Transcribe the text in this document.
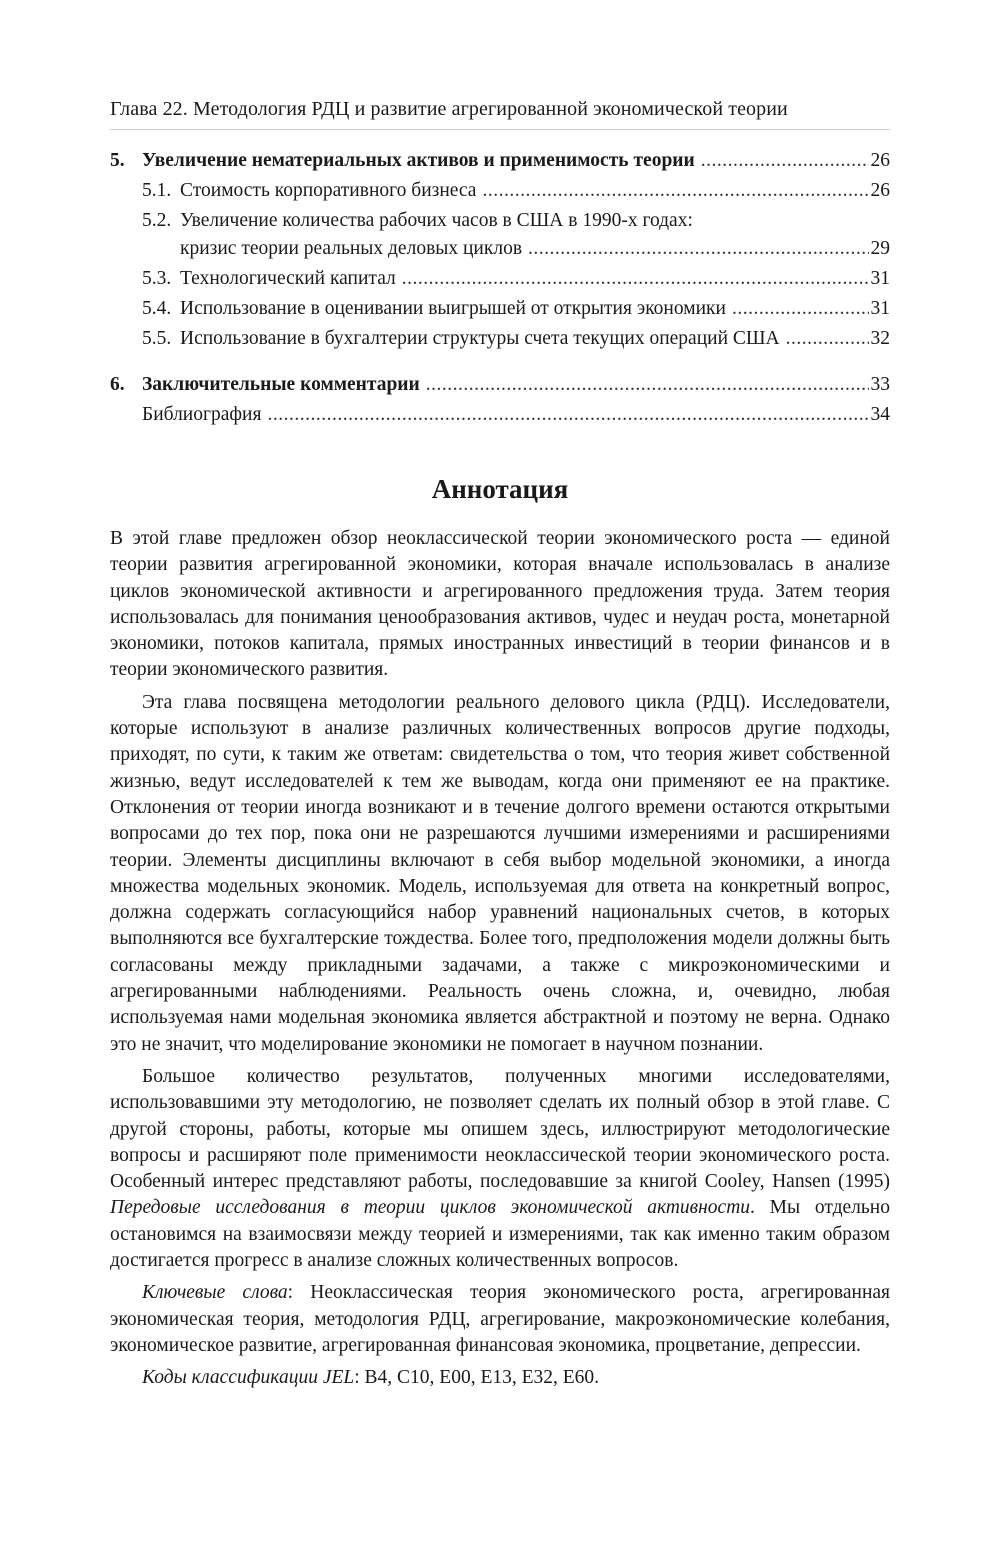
Глава 22. Методология РДЦ и развитие агрегированной экономической теории
5. Увеличение нематериальных активов и применимость теории .....	26
5.1. Стоимость корпоративного бизнеса .....	26
5.2. Увеличение количества рабочих часов в США в 1990-х годах:
кризис теории реальных деловых циклов .....	29
5.3. Технологический капитал .....	31
5.4. Использование в оценивании выигрышей от открытия экономики .....	31
5.5. Использование в бухгалтерии структуры счета текущих операций США .....	32
6. Заключительные комментарии .....	33
Библиография .....	34
Аннотация

В этой главе предложен обзор неоклассической теории экономического роста — единой теории развития агрегированной экономики, которая вначале использовалась в анализе циклов экономической активности и агрегированного предложения труда. Затем теория использовалась для понимания ценообразования активов, чудес и неудач роста, монетарной экономики, потоков капитала, прямых иностранных инвестиций в теории финансов и в теории экономического развития.

Эта глава посвящена методологии реального делового цикла (РДЦ). Исследователи, которые используют в анализе различных количественных вопросов другие подходы, приходят, по сути, к таким же ответам: свидетельства о том, что теория живет собственной жизнью, ведут исследователей к тем же выводам, когда они применяют ее на практике. Отклонения от теории иногда возникают и в течение долгого времени остаются открытыми вопросами до тех пор, пока они не разрешаются лучшими измерениями и расширениями теории. Элементы дисциплины включают в себя выбор модельной экономики, а иногда множества модельных экономик. Модель, используемая для ответа на конкретный вопрос, должна содержать согласующийся набор уравнений национальных счетов, в которых выполняются все бухгалтерские тождества. Более того, предположения модели должны быть согласованы между прикладными задачами, а также с микроэкономическими и агрегированными наблюдениями. Реальность очень сложна, и, очевидно, любая используемая нами модельная экономика является абстрактной и поэтому не верна. Однако это не значит, что моделирование экономики не помогает в научном познании.

Большое количество результатов, полученных многими исследователями, использовавшими эту методологию, не позволяет сделать их полный обзор в этой главе. С другой стороны, работы, которые мы опишем здесь, иллюстрируют методологические вопросы и расширяют поле применимости неоклассической теории экономического роста. Особенный интерес представляют работы, последовавшие за книгой Cooley, Hansen (1995) Передовые исследования в теории циклов экономической активности. Мы отдельно остановимся на взаимосвязи между теорией и измерениями, так как именно таким образом достигается прогресс в анализе сложных количественных вопросов.

Ключевые слова: Неоклассическая теория экономического роста, агрегированная экономическая теория, методология РДЦ, агрегирование, макроэкономические колебания, экономическое развитие, агрегированная финансовая экономика, процветание, депрессии.

Коды классификации JEL: B4, C10, E00, E13, E32, E60.
